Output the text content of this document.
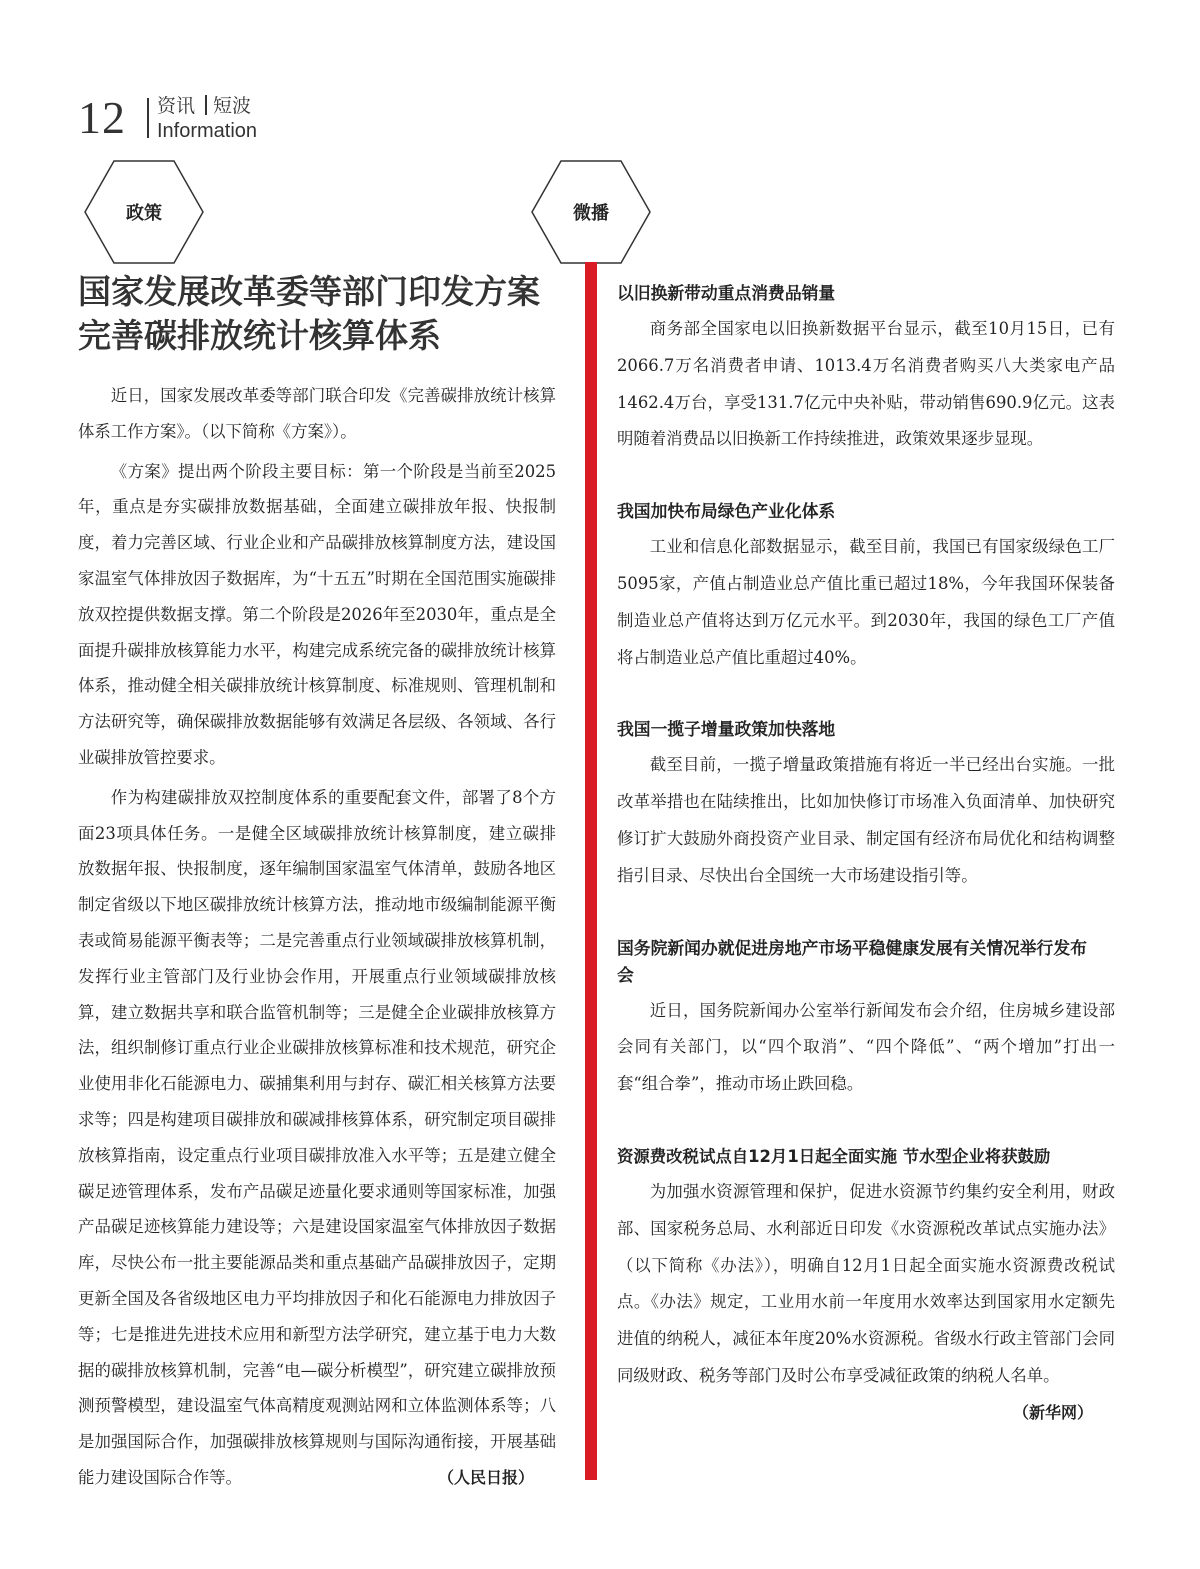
12 资讯 短波
Information
政策	微播
国家发展改革委等部门印发方案
完善碳排放统计核算体系

近日，国家发展改革委等部门联合印发《完善碳排放统计核算体系工作方案》。（以下简称《方案》）。

《方案》提出两个阶段主要目标：第一个阶段是当前至2025年，重点是夯实碳排放数据基础，全面建立碳排放年报、快报制度，着力完善区域、行业企业和产品碳排放核算制度方法，建设国家温室气体排放因子数据库，为“十五五”时期在全国范围实施碳排放双控提供数据支撑。第二个阶段是2026年至2030年，重点是全面提升碳排放核算能力水平，构建完成系统完备的碳排放统计核算体系，推动健全相关碳排放统计核算制度、标准规则、管理机制和方法研究等，确保碳排放数据能够有效满足各层级、各领域、各行业碳排放管控要求。

作为构建碳排放双控制度体系的重要配套文件，部署了8个方面23项具体任务。一是健全区域碳排放统计核算制度，建立碳排放数据年报、快报制度，逐年编制国家温室气体清单，鼓励各地区制定省级以下地区碳排放统计核算方法，推动地市级编制能源平衡表或简易能源平衡表等；二是完善重点行业领域碳排放核算机制，发挥行业主管部门及行业协会作用，开展重点行业领域碳排放核算，建立数据共享和联合监管机制等；三是健全企业碳排放核算方法，组织制修订重点行业企业碳排放核算标准和技术规范，研究企业使用非化石能源电力、碳捕集利用与封存、碳汇相关核算方法要求等；四是构建项目碳排放和碳减排核算体系，研究制定项目碳排放核算指南，设定重点行业项目碳排放准入水平等；五是建立健全碳足迹管理体系，发布产品碳足迹量化要求通则等国家标准，加强产品碳足迹核算能力建设等；六是建设国家温室气体排放因子数据库，尽快公布一批主要能源品类和重点基础产品碳排放因子，定期更新全国及各省级地区电力平均排放因子和化石能源电力排放因子等；七是推进先进技术应用和新型方法学研究，建立基于电力大数据的碳排放核算机制，完善“电—碳分析模型”，研究建立碳排放预测预警模型，建设温室气体高精度观测站网和立体监测体系等；八是加强国际合作，加强碳排放核算规则与国际沟通衔接，开展基础能力建设国际合作等。	（人民日报）

以旧换新带动重点消费品销量

商务部全国家电以旧换新数据平台显示，截至10月15日，已有2066.7万名消费者申请、1013.4万名消费者购买八大类家电产品1462.4万台，享受131.7亿元中央补贴，带动销售690.9亿元。这表明随着消费品以旧换新工作持续推进，政策效果逐步显现。

我国加快布局绿色产业化体系

工业和信息化部数据显示，截至目前，我国已有国家级绿色工厂5095家，产值占制造业总产值比重已超过18%，今年我国环保装备制造业总产值将达到万亿元水平。到2030年，我国的绿色工厂产值将占制造业总产值比重超过40%。

我国一揽子增量政策加快落地

截至目前，一揽子增量政策措施有将近一半已经出台实施。一批改革举措也在陆续推出，比如加快修订市场准入负面清单、加快研究修订扩大鼓励外商投资产业目录、制定国有经济布局优化和结构调整指引目录、尽快出台全国统一大市场建设指引等。

国务院新闻办就促进房地产市场平稳健康发展有关情况举行发布会

近日，国务院新闻办公室举行新闻发布会介绍，住房城乡建设部会同有关部门，以“四个取消”、“四个降低”、“两个增加”打出一套“组合拳”，推动市场止跌回稳。

资源费改税试点自12月1日起全面实施 节水型企业将获鼓励

为加强水资源管理和保护，促进水资源节约集约安全利用，财政部、国家税务总局、水利部近日印发《水资源税改革试点实施办法》（以下简称《办法》），明确自12月1日起全面实施水资源费改税试点。《办法》规定，工业用水前一年度用水效率达到国家用水定额先进值的纳税人，减征本年度20%水资源税。省级水行政主管部门会同同级财政、税务等部门及时公布享受减征政策的纳税人名单。
（新华网）
